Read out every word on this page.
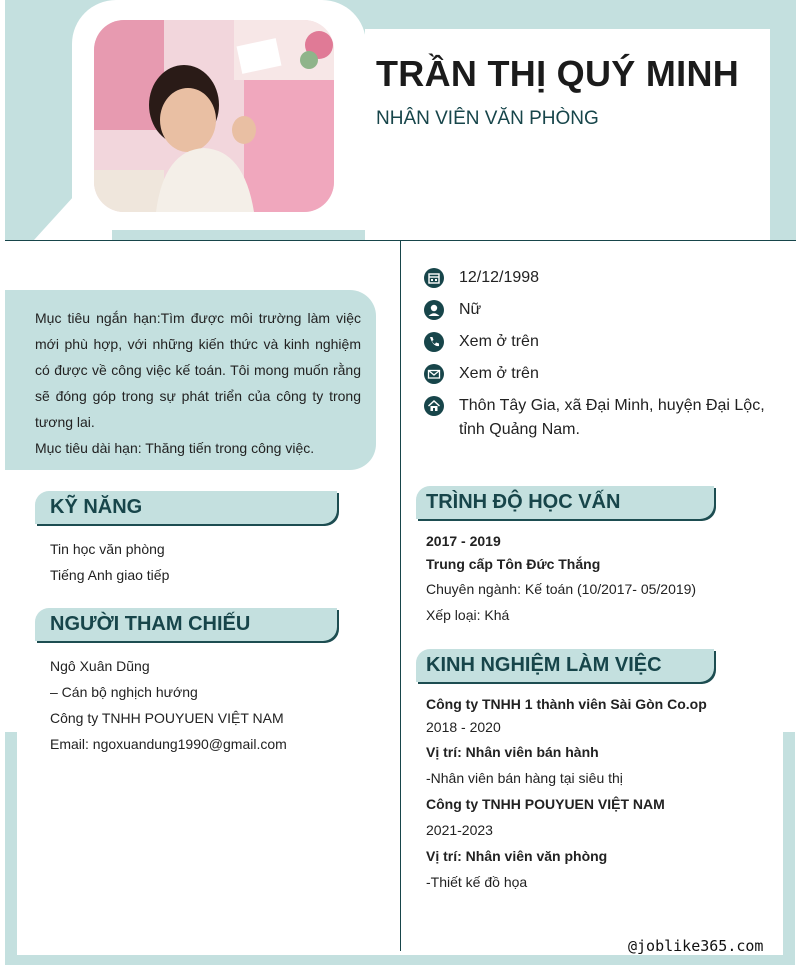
TRẦN THỊ QUÝ MINH
NHÂN VIÊN VĂN PHÒNG
Mục tiêu ngắn hạn:Tìm được môi trường làm việc mới phù hợp, với những kiến thức và kinh nghiệm có được về công việc kế toán. Tôi mong muốn rằng sẽ đóng góp trong sự phát triển của công ty trong tương lai.
Mục tiêu dài hạn: Thăng tiến trong công việc.
KỸ NĂNG
Tin học văn phòng
Tiếng Anh giao tiếp
NGƯỜI THAM CHIẾU
Ngô Xuân Dũng
– Cán bộ nghịch hướng
Công ty TNHH POUYUEN VIỆT NAM
Email: ngoxuandung1990@gmail.com
12/12/1998
Nữ
Xem ở trên
Xem ở trên
Thôn Tây Gia, xã Đại Minh, huyện Đại Lộc,
tỉnh Quảng Nam.
TRÌNH ĐỘ HỌC VẤN
2017 - 2019
Trung cấp Tôn Đức Thắng
Chuyên ngành: Kế toán (10/2017- 05/2019)
Xếp loại: Khá
KINH NGHIỆM LÀM VIỆC
Công ty TNHH 1 thành viên Sài Gòn Co.op
2018 - 2020
Vị trí: Nhân viên bán hành
-Nhân viên bán hàng tại siêu thị
Công ty TNHH POUYUEN VIỆT NAM
2021-2023
Vị trí: Nhân viên văn phòng
-Thiết kế đồ họa
@joblike365.com
